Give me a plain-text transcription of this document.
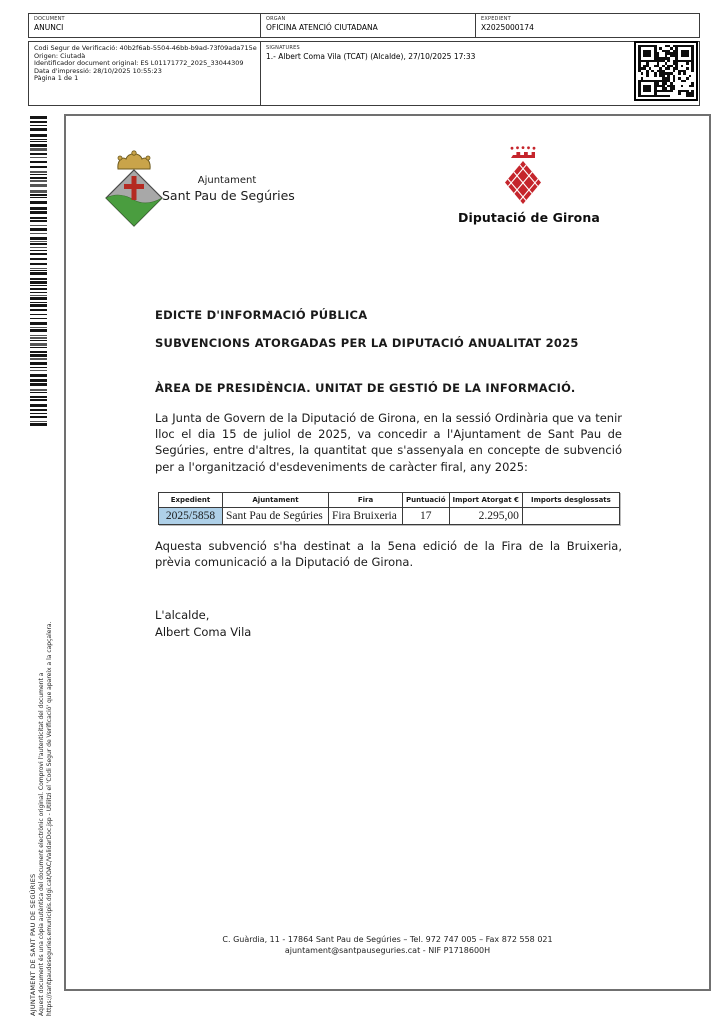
DOCUMENT
ANUNCI
ORGAN
OFICINA ATENCIÓ CIUTADANA
EXPEDIENT
X2025000174
Codi Segur de Verificació: 40b2f6ab-5504-46bb-b9ad-73f09ada715e
Origen: Ciutadà
Identificador document original: ES L01171772_2025_33044309
Data d'impressió: 28/10/2025 10:55:23
Pàgina 1 de 1
SIGNATURES
1.- Albert Coma Vila (TCAT) (Alcalde), 27/10/2025 17:33
AJUNTAMENT DE SANT PAU DE SEGÚRIES Aquest document és una còpia autèntica del document electrònic original. Comprovi l'autenticitat del document a https://santpaudeseguries.emunicipis.ddgi.cat/OAC/ValidarDoc.jsp - Utilitzi el 'Codi Segur de Verificació' que apareix a la capçalera.
Ajuntament
Sant Pau de Segúries
Diputació de Girona
EDICTE D'INFORMACIÓ PÚBLICA
SUBVENCIONS ATORGADAS PER LA DIPUTACIÓ ANUALITAT 2025
ÀREA DE PRESIDÈNCIA. UNITAT DE GESTIÓ DE LA INFORMACIÓ.
La Junta de Govern de la Diputació de Girona, en la sessió Ordinària que va tenir lloc el dia 15 de juliol de 2025, va concedir a l'Ajuntament de Sant Pau de Segúries, entre d'altres, la quantitat que s'assenyala en concepte de subvenció per a l'organització d'esdeveniments de caràcter firal, any 2025:
Expedient	Ajuntament	Fira	Puntuació	Import Atorgat €	Imports desglossats
2025/5858	Sant Pau de Segúries	Fira Bruixeria	17	2.295,00	
Aquesta subvenció s'ha destinat a la 5ena edició de la Fira de la Bruixeria, prèvia comunicació a la Diputació de Girona.
L'alcalde,
Albert Coma Vila
C. Guàrdia, 11 - 17864 Sant Pau de Segúries – Tel. 972 747 005 – Fax 872 558 021
ajuntament@santpauseguries.cat - NIF P1718600H
